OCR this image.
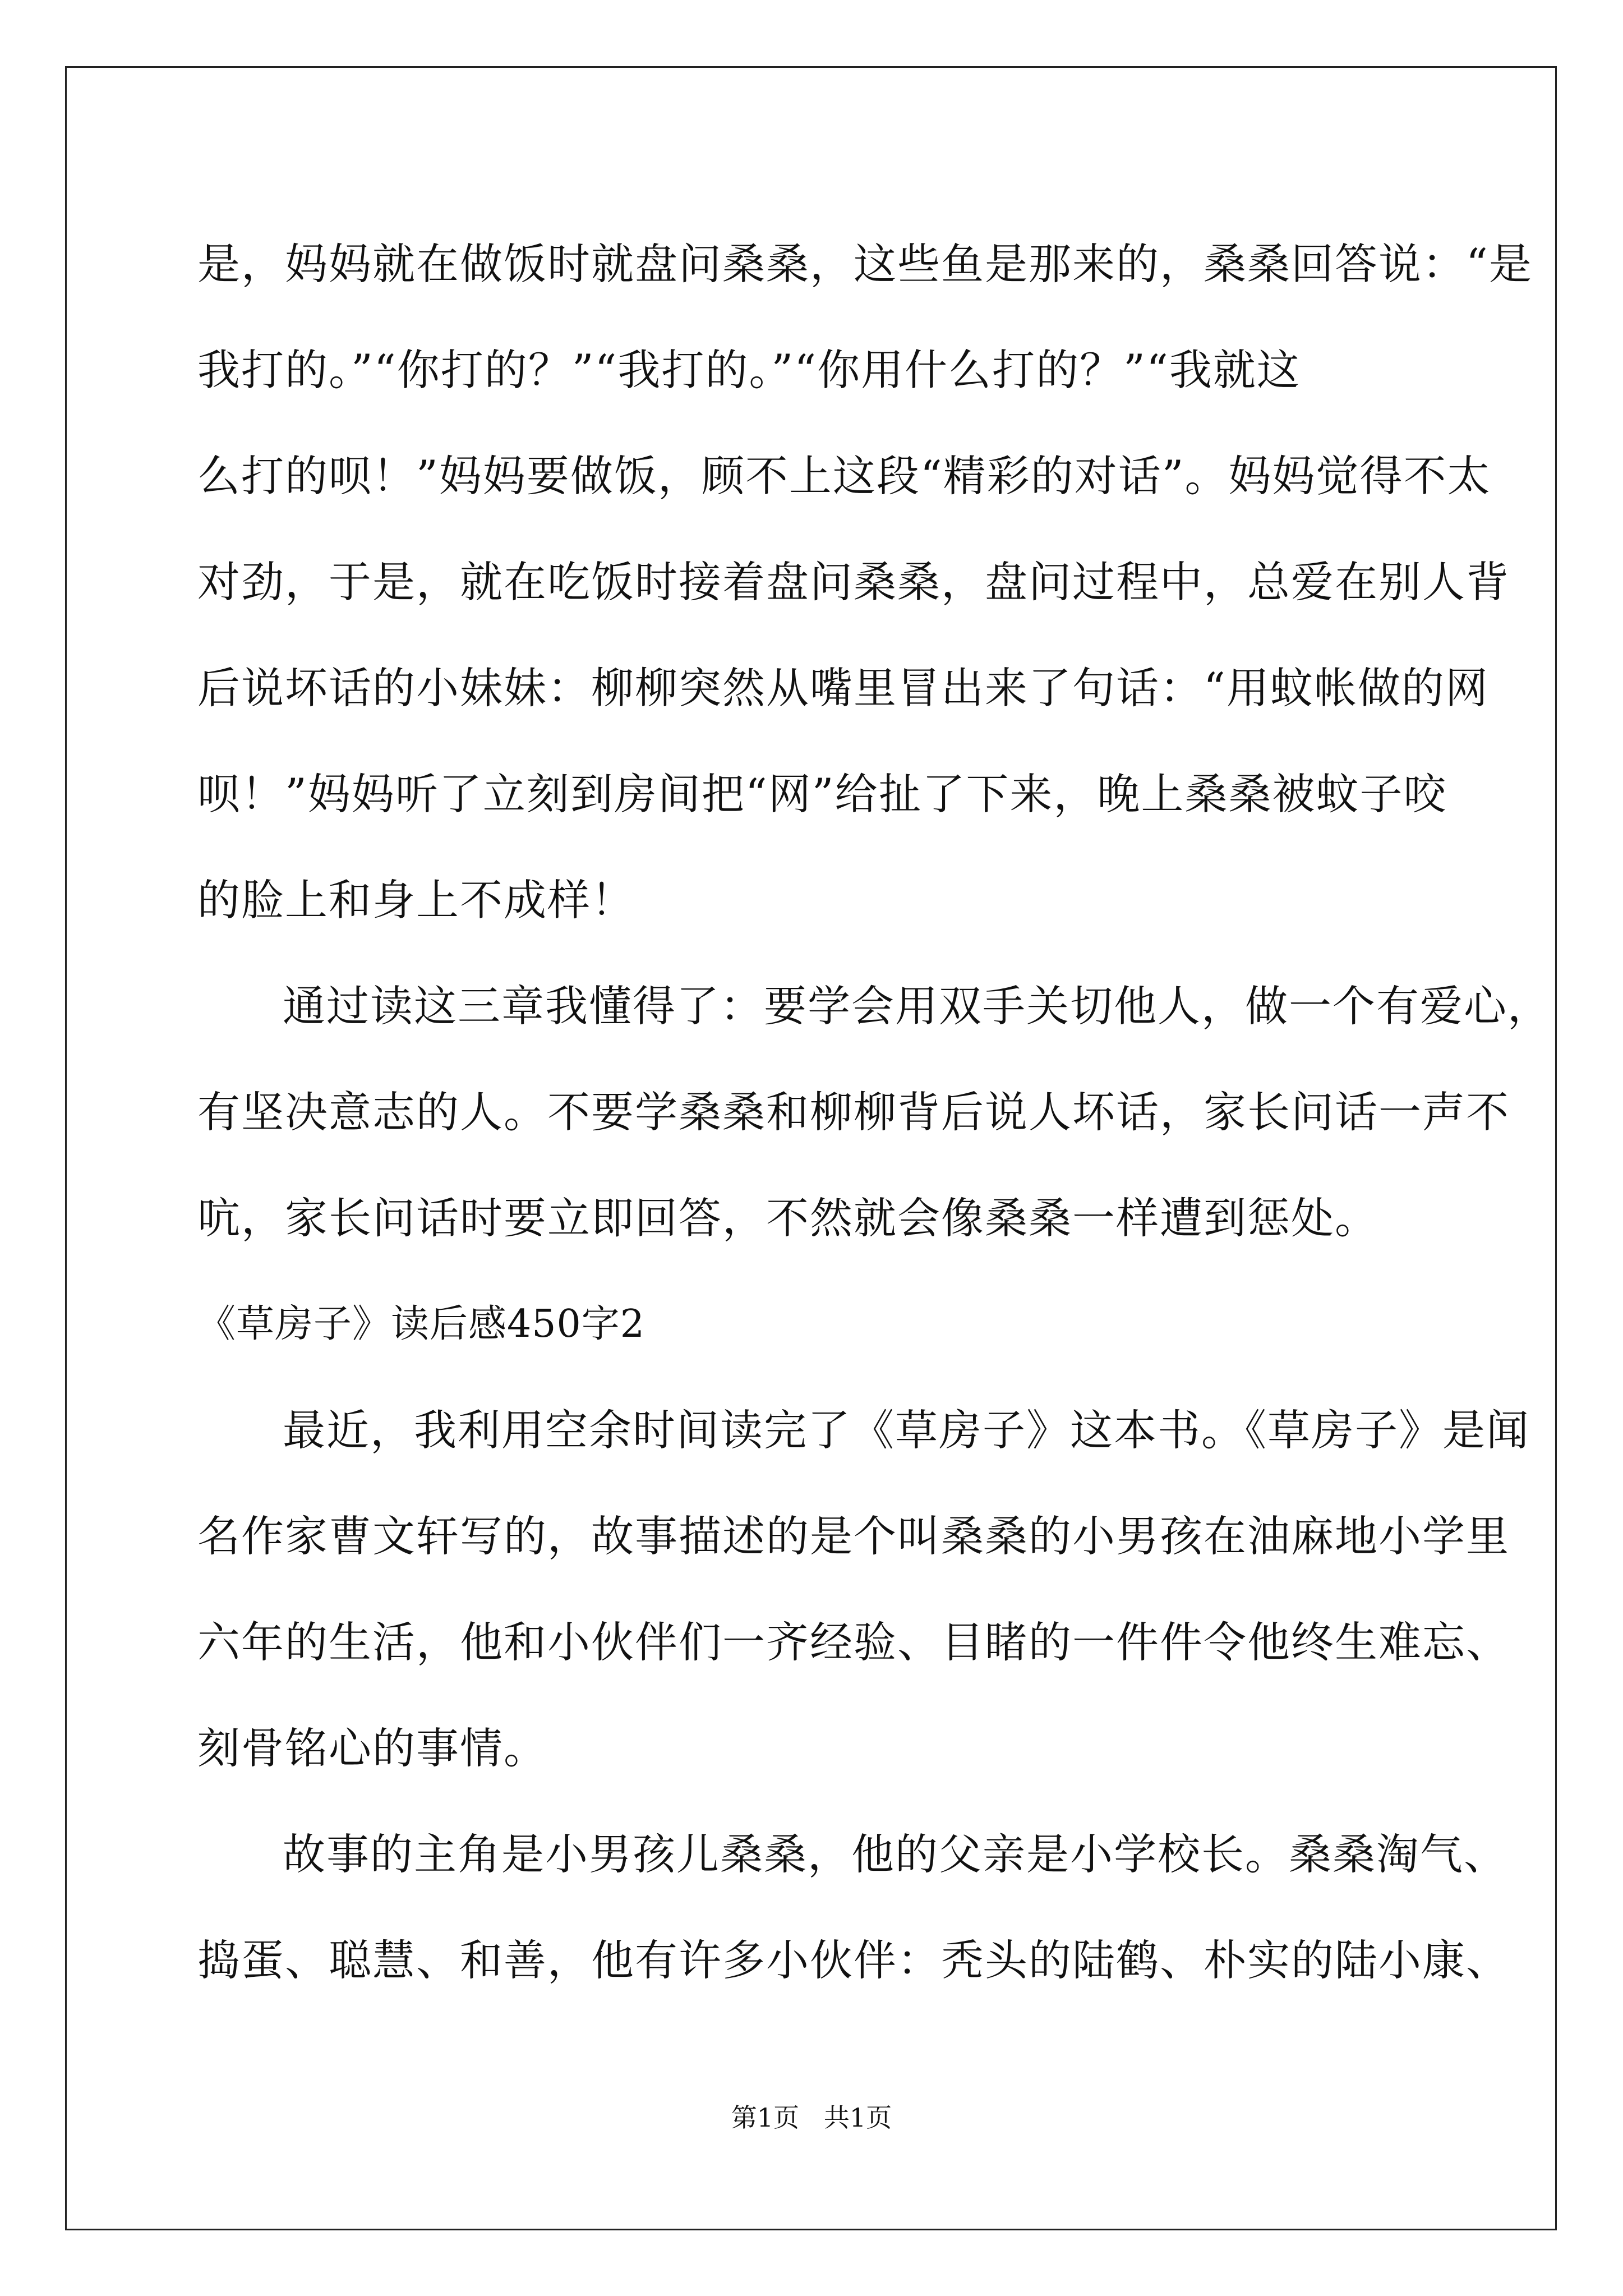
是，妈妈就在做饭时就盘问桑桑，这些鱼是那来的，桑桑回答说：“是
我打的。”“你打的？”“我打的。”“你用什么打的？”“我就这
么打的呗！”妈妈要做饭，顾不上这段“精彩的对话”。妈妈觉得不太
对劲，于是，就在吃饭时接着盘问桑桑，盘问过程中，总爱在别人背
后说坏话的小妹妹：柳柳突然从嘴里冒出来了句话：“用蚊帐做的网
呗！”妈妈听了立刻到房间把“网”给扯了下来，晚上桑桑被蚊子咬
的脸上和身上不成样！
通过读这三章我懂得了：要学会用双手关切他人，做一个有爱心，
有坚决意志的人。不要学桑桑和柳柳背后说人坏话，家长问话一声不
吭，家长问话时要立即回答，不然就会像桑桑一样遭到惩处。
《草房子》读后感450字2
最近，我利用空余时间读完了《草房子》这本书。《草房子》是闻
名作家曹文轩写的，故事描述的是个叫桑桑的小男孩在油麻地小学里
六年的生活，他和小伙伴们一齐经验、目睹的一件件令他终生难忘、
刻骨铭心的事情。
故事的主角是小男孩儿桑桑，他的父亲是小学校长。桑桑淘气、
捣蛋、聪慧、和善，他有许多小伙伴：秃头的陆鹤、朴实的陆小康、
第1页   共1页
